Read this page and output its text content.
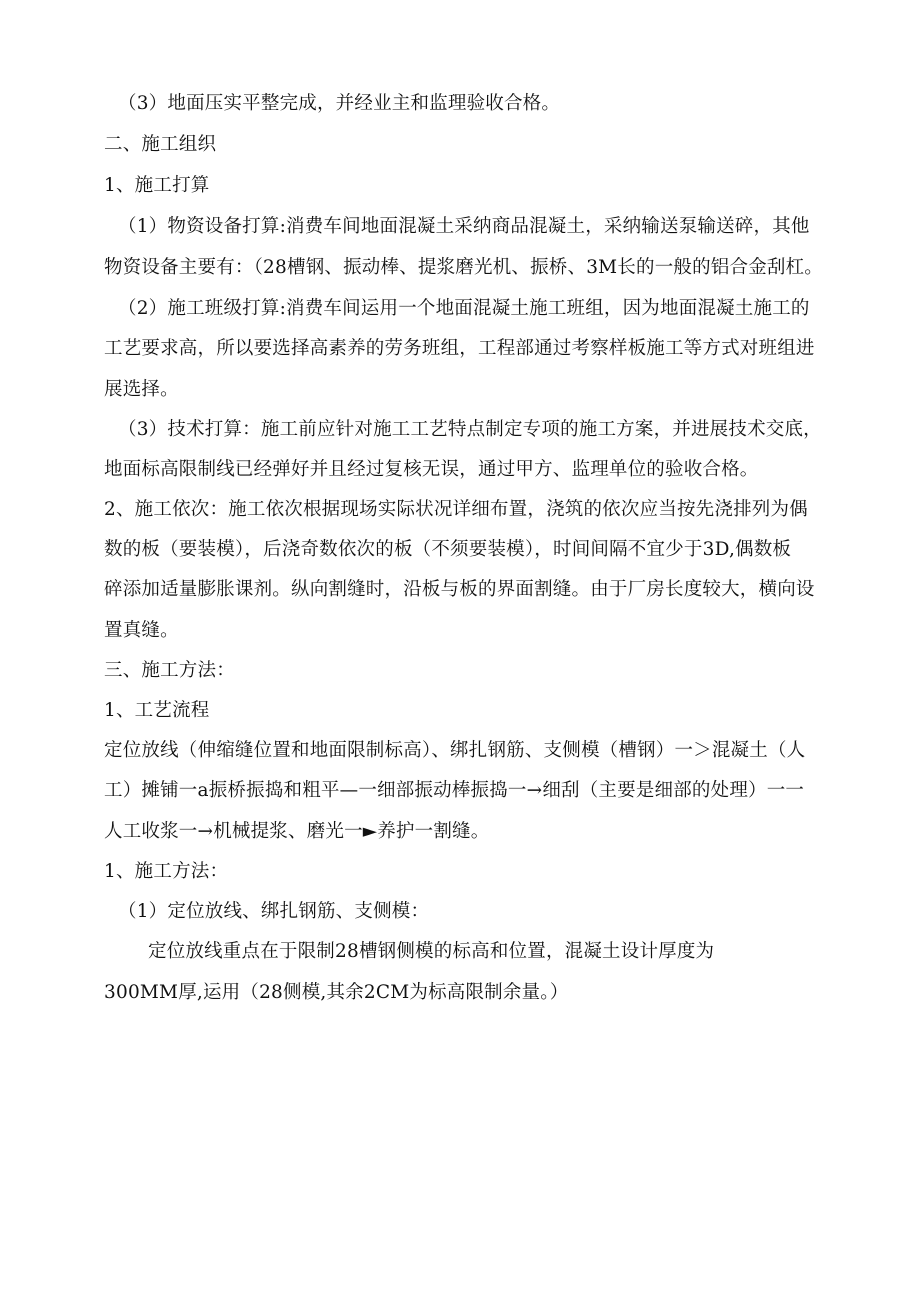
（3）地面压实平整完成，并经业主和监理验收合格。
二、施工组织
1、施工打算
（1）物资设备打算:消费车间地面混凝土采纳商品混凝土，采纳输送泵输送碎，其他
物资设备主要有：（28槽钢、振动棒、提浆磨光机、振桥、3M长的一般的铝合金刮杠。
（2）施工班级打算:消费车间运用一个地面混凝土施工班组，因为地面混凝土施工的
工艺要求高，所以要选择高素养的劳务班组，工程部通过考察样板施工等方式对班组进
展选择。
（3）技术打算：施工前应针对施工工艺特点制定专项的施工方案，并进展技术交底，
地面标高限制线已经弹好并且经过复核无误，通过甲方、监理单位的验收合格。
2、施工依次：施工依次根据现场实际状况详细布置，浇筑的依次应当按先浇排列为偶
数的板（要装模），后浇奇数依次的板（不须要装模），时间间隔不宜少于3D,偶数板
碎添加适量膨胀课剂。纵向割缝时，沿板与板的界面割缝。由于厂房长度较大，横向设
置真缝。
三、施工方法：
1、工艺流程
定位放线（伸缩缝位置和地面限制标高）、绑扎钢筋、支侧模（槽钢）一＞混凝土（人
工）摊铺一a振桥振捣和粗平—一细部振动棒振捣一→细刮（主要是细部的处理）一一
人工收浆一→机械提浆、磨光一►养护一割缝。
1、施工方法：
（1）定位放线、绑扎钢筋、支侧模：
定位放线重点在于限制28槽钢侧模的标高和位置，混凝土设计厚度为
300MM厚,运用（28侧模,其余2CM为标高限制余量。）
